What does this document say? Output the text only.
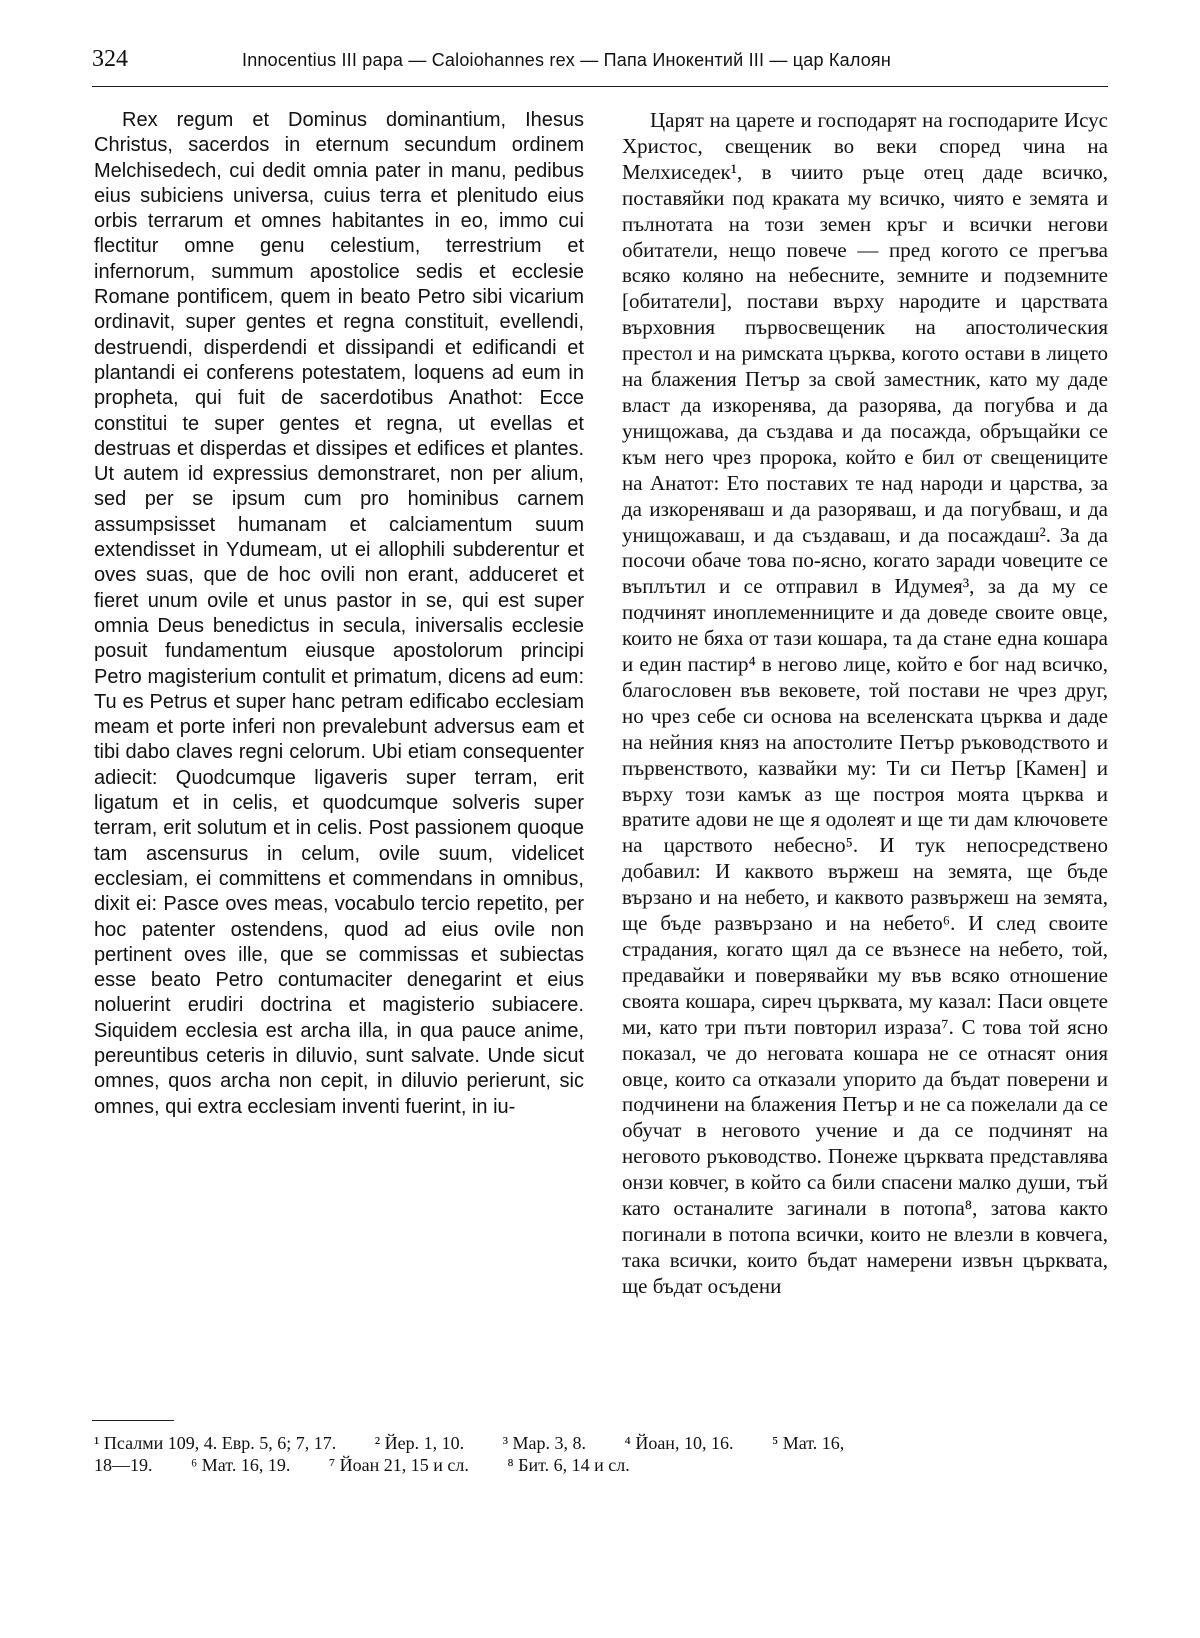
324	Innocentius III papa — Caloiohannes rex — Папа Инокентий III — цар Калоян

Rex regum et Dominus dominantium, Ihesus Christus, sacerdos in eternum secundum ordinem Melchisedech, cui dedit omnia pater in manu, pedibus eius subiciens universa, cuius terra et plenitudo eius orbis terrarum et omnes habitantes in eo, immo cui flectitur omne genu celestium, terrestrium et infernorum, summum apostolice sedis et ecclesie Romane pontificem, quem in beato Petro sibi vicarium ordinavit, super gentes et regna constituit, evellendi, destruendi, disperdendi et dissipandi et edificandi et plantandi ei conferens potestatem, loquens ad eum in propheta, qui fuit de sacerdotibus Anathot: Ecce constitui te super gentes et regna, ut evellas et destruas et disperdas et dissipes et edifices et plantes. Ut autem id expressius demonstraret, non per alium, sed per se ipsum cum pro hominibus carnem assumpsisset humanam et calciamentum suum extendisset in Ydumeam, ut ei allophili subderentur et oves suas, que de hoc ovili non erant, adduceret et fieret unum ovile et unus pastor in se, qui est super omnia Deus benedictus in secula, iniversalis ecclesie posuit fundamentum eiusque apostolorum principi Petro magisterium contulit et primatum, dicens ad eum: Tu es Petrus et super hanc petram edificabo ecclesiam meam et porte inferi non prevalebunt adversus eam et tibi dabo claves regni celorum. Ubi etiam consequenter adiecit: Quodcumque ligaveris super terram, erit ligatum et in celis, et quodcumque solveris super terram, erit solutum et in celis. Post passionem quoque tam ascensurus in celum, ovile suum, videlicet ecclesiam, ei committens et commendans in omnibus, dixit ei: Pasce oves meas, vocabulo tercio repetito, per hoc patenter ostendens, quod ad eius ovile non pertinent oves ille, que se commissas et subiectas esse beato Petro contumaciter denegarint et eius noluerint erudiri doctrina et magisterio subiacere. Siquidem ecclesia est archa illa, in qua pauce anime, pereuntibus ceteris in diluvio, sunt salvate. Unde sicut omnes, quos archa non cepit, in diluvio perierunt, sic omnes, qui extra ecclesiam inventi fuerint, in iu-

Царят на царете и господарят на господарите Исус Христос, свещеник во веки според чина на Мелхиседек¹, в чиито ръце отец даде всичко, поставяйки под краката му всичко, чиято е земята и пълнотата на този земен кръг и всички негови обитатели, нещо повече — пред когото се прегъва всяко коляно на небесните, земните и подземните [обитатели], постави върху народите и царствата върховния първосвещеник на апостолическия престол и на римската църква, когото остави в лицето на блажения Петър за свой заместник, като му даде власт да изкоренява, да разорява, да погубва и да унищожава, да създава и да посажда, обръщайки се към него чрез пророка, който е бил от свещениците на Анатот: Ето поставих те над народи и царства, за да изкореняваш и да разоряваш, и да погубваш, и да унищожаваш, и да създаваш, и да посаждаш². За да посочи обаче това по-ясно, когато заради човеците се въплътил и се отправил в Идумея³, за да му се подчинят иноплеменниците и да доведе своите овце, които не бяха от тази кошара, та да стане една кошара и един пастир⁴ в негово лице, който е бог над всичко, благословен във вековете, той постави не чрез друг, но чрез себе си основа на вселенската църква и даде на нейния княз на апостолите Петър ръководството и първенството, казвайки му: Ти си Петър [Камен] и върху този камък аз ще построя моята църква и вратите адови не ще я одолеят и ще ти дам ключовете на царството небесно⁵. И тук непосредствено добавил: И каквото вържеш на земята, ще бъде вързано и на небето, и каквото развържеш на земята, ще бъде развързано и на небето⁶. И след своите страдания, когато щял да се възнесе на небето, той, предавайки и поверявайки му във всяко отношение своята кошара, сиреч църквата, му казал: Паси овцете ми, като три пъти повторил израза⁷. С това той ясно показал, че до неговата кошара не се отнасят ония овце, които са отказали упорито да бъдат поверени и подчинени на блажения Петър и не са пожелали да се обучат в неговото учение и да се подчинят на неговото ръководство. Понеже църквата представлява онзи ковчег, в който са били спасени малко души, тъй като останалите загинали в потопа⁸, затова както погинали в потопа всички, които не влезли в ковчега, така всички, които бъдат намерени извън църквата, ще бъдат осъдени

¹ Псалми 109, 4. Евр. 5, 6; 7, 17. ² Йер. 1, 10. ³ Мар. 3, 8. ⁴ Йоан, 10, 16. ⁵ Мат. 16,
18—19. ⁶ Мат. 16, 19. ⁷ Йоан 21, 15 и сл. ⁸ Бит. 6, 14 и сл.
